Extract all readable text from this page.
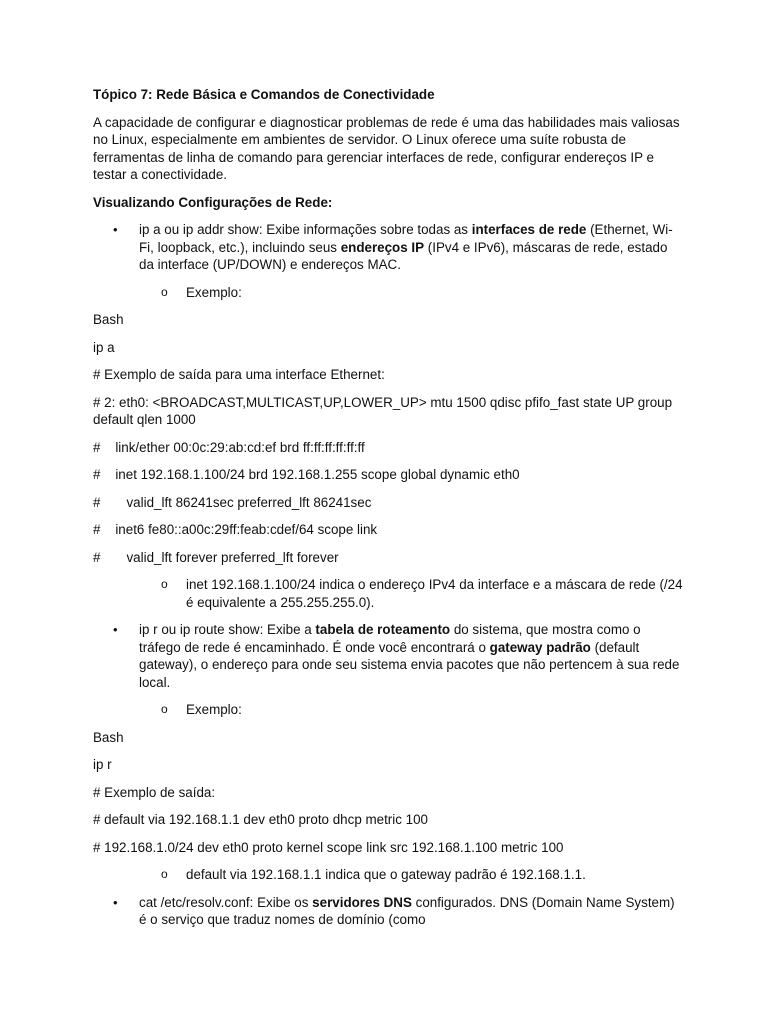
Tópico 7: Rede Básica e Comandos de Conectividade

A capacidade de configurar e diagnosticar problemas de rede é uma das habilidades mais valiosas no Linux, especialmente em ambientes de servidor. O Linux oferece uma suíte robusta de ferramentas de linha de comando para gerenciar interfaces de rede, configurar endereços IP e testar a conectividade.

Visualizando Configurações de Rede:

• ip a ou ip addr show: Exibe informações sobre todas as interfaces de rede (Ethernet, Wi-Fi, loopback, etc.), incluindo seus endereços IP (IPv4 e IPv6), máscaras de rede, estado da interface (UP/DOWN) e endereços MAC.
o Exemplo:

Bash

ip a

# Exemplo de saída para uma interface Ethernet:

# 2: eth0: <BROADCAST,MULTICAST,UP,LOWER_UP> mtu 1500 qdisc pfifo_fast state UP group default qlen 1000

#    link/ether 00:0c:29:ab:cd:ef brd ff:ff:ff:ff:ff:ff

#    inet 192.168.1.100/24 brd 192.168.1.255 scope global dynamic eth0

#       valid_lft 86241sec preferred_lft 86241sec

#    inet6 fe80::a00c:29ff:feab:cdef/64 scope link

#       valid_lft forever preferred_lft forever

o inet 192.168.1.100/24 indica o endereço IPv4 da interface e a máscara de rede (/24 é equivalente a 255.255.255.0).
• ip r ou ip route show: Exibe a tabela de roteamento do sistema, que mostra como o tráfego de rede é encaminhado. É onde você encontrará o gateway padrão (default gateway), o endereço para onde seu sistema envia pacotes que não pertencem à sua rede local.
o Exemplo:

Bash

ip r

# Exemplo de saída:

# default via 192.168.1.1 dev eth0 proto dhcp metric 100

# 192.168.1.0/24 dev eth0 proto kernel scope link src 192.168.1.100 metric 100

o default via 192.168.1.1 indica que o gateway padrão é 192.168.1.1.
• cat /etc/resolv.conf: Exibe os servidores DNS configurados. DNS (Domain Name System) é o serviço que traduz nomes de domínio (como
